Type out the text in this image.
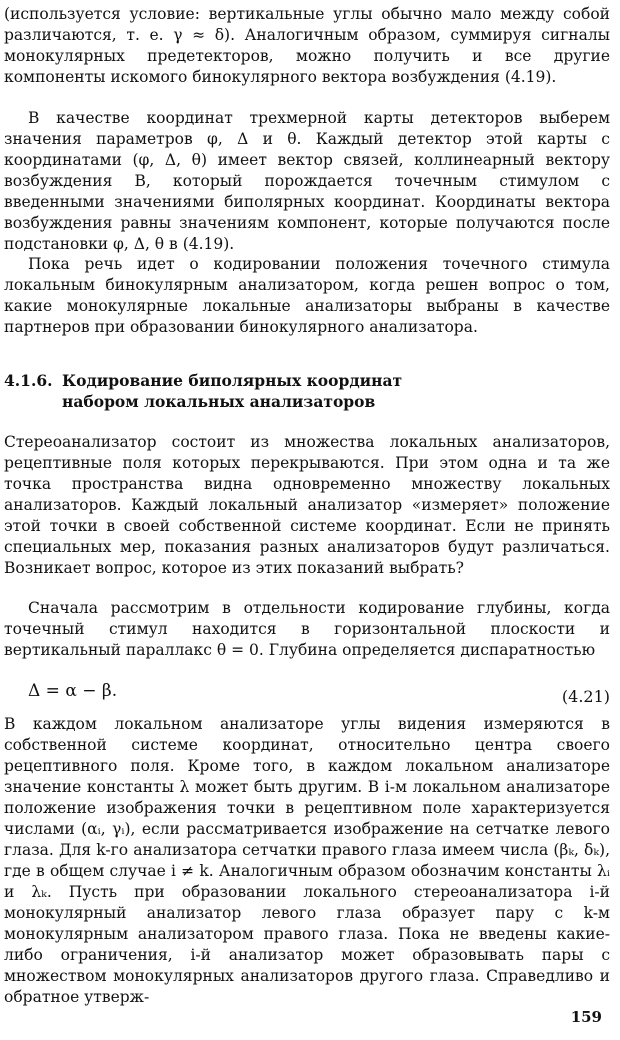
(используется условие: вертикальные углы обычно мало между собой различаются, т. е. γ ≈ δ). Аналогичным образом, суммируя сигналы монокулярных предетекторов, можно получить и все другие компоненты искомого бинокулярного вектора возбуждения (4.19).

В качестве координат трехмерной карты детекторов выберем значения параметров φ, Δ и θ. Каждый детектор этой карты с координатами (φ, Δ, θ) имеет вектор связей, коллинеарный вектору возбуждения B, который порождается точечным стимулом с введенными значениями биполярных координат. Координаты вектора возбуждения равны значениям компонент, которые получаются после подстановки φ, Δ, θ в (4.19).

Пока речь идет о кодировании положения точечного стимула локальным бинокулярным анализатором, когда решен вопрос о том, какие монокулярные локальные анализаторы выбраны в качестве партнеров при образовании бинокулярного анализатора.

4.1.6. Кодирование биполярных координат
набором локальных анализаторов

Стереоанализатор состоит из множества локальных анализаторов, рецептивные поля которых перекрываются. При этом одна и та же точка пространства видна одновременно множеству локальных анализаторов. Каждый локальный анализатор «измеряет» положение этой точки в своей собственной системе координат. Если не принять специальных мер, показания разных анализаторов будут различаться. Возникает вопрос, которое из этих показаний выбрать?

Сначала рассмотрим в отдельности кодирование глубины, когда точечный стимул находится в горизонтальной плоскости и вертикальный параллакс θ = 0. Глубина определяется диспаратностью

Δ = α − β.	(4.21)

В каждом локальном анализаторе углы видения измеряются в собственной системе координат, относительно центра своего рецептивного поля. Кроме того, в каждом локальном анализаторе значение константы λ может быть другим. В i-м локальном анализаторе положение изображения точки в рецептивном поле характеризуется числами (αᵢ, γᵢ), если рассматривается изображение на сетчатке левого глаза. Для k-го анализатора сетчатки правого глаза имеем числа (βₖ, δₖ), где в общем случае i ≠ k. Аналогичным образом обозначим константы λᵢ и λₖ. Пусть при образовании локального стереоанализатора i-й монокулярный анализатор левого глаза образует пару с k-м монокулярным анализатором правого глаза. Пока не введены какие-либо ограничения, i-й анализатор может образовывать пары с множеством монокулярных анализаторов другого глаза. Справедливо и обратное утверж-

159
